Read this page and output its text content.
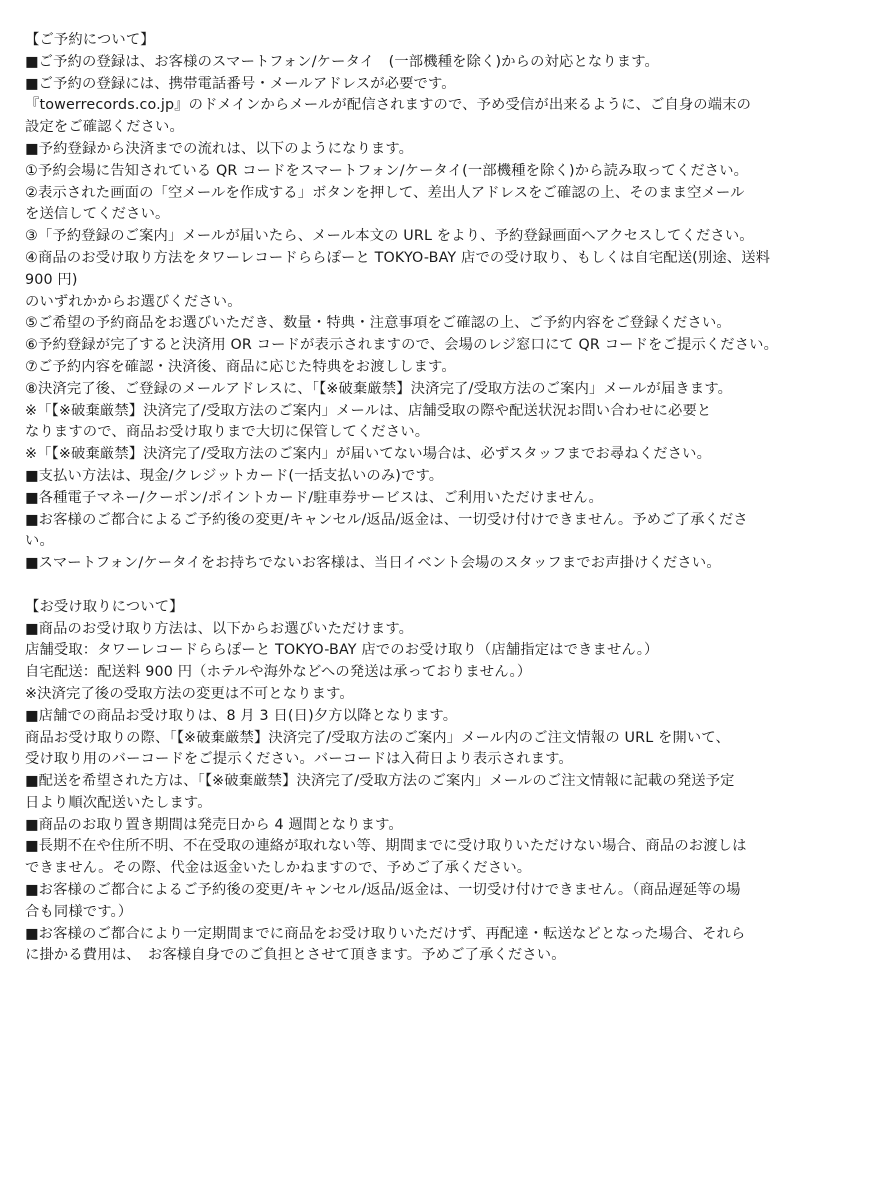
【ご予約について】
■ご予約の登録は、お客様のスマートフォン/ケータイ　(一部機種を除く)からの対応となります。
■ご予約の登録には、携帯電話番号・メールアドレスが必要です。
『towerrecords.co.jp』のドメインからメールが配信されますので、予め受信が出来るように、ご自身の端末の
設定をご確認ください。
■予約登録から決済までの流れは、以下のようになります。
①予約会場に告知されている QR コードをスマートフォン/ケータイ(一部機種を除く)から読み取ってください。
②表示された画面の「空メールを作成する」ボタンを押して、差出人アドレスをご確認の上、そのまま空メール
を送信してください。
③「予約登録のご案内」メールが届いたら、メール本文の URL をより、予約登録画面へアクセスしてください。
④商品のお受け取り方法をタワーレコードららぽーと TOKYO-BAY 店での受け取り、もしくは自宅配送(別途、送料
900 円)
のいずれかからお選びください。
⑤ご希望の予約商品をお選びいただき、数量・特典・注意事項をご確認の上、ご予約内容をご登録ください。
⑥予約登録が完了すると決済用 OR コードが表示されますので、会場のレジ窓口にて QR コードをご提示ください。
⑦ご予約内容を確認・決済後、商品に応じた特典をお渡しします。
⑧決済完了後、ご登録のメールアドレスに、「【※破棄厳禁】決済完了/受取方法のご案内」メールが届きます。
※「【※破棄厳禁】決済完了/受取方法のご案内」メールは、店舗受取の際や配送状況お問い合わせに必要と
なりますので、商品お受け取りまで大切に保管してください。
※「【※破棄厳禁】決済完了/受取方法のご案内」が届いてない場合は、必ずスタッフまでお尋ねください。
■支払い方法は、現金/クレジットカード(一括支払いのみ)です。
■各種電子マネー/クーポン/ポイントカード/駐車券サービスは、ご利用いただけません。
■お客様のご都合によるご予約後の変更/キャンセル/返品/返金は、一切受け付けできません。予めご了承くださ
い。
■スマートフォン/ケータイをお持ちでないお客様は、当日イベント会場のスタッフまでお声掛けください。
【お受け取りについて】
■商品のお受け取り方法は、以下からお選びいただけます。
店舗受取：タワーレコードららぽーと TOKYO-BAY 店でのお受け取り（店舗指定はできません。）
自宅配送：配送料 900 円（ホテルや海外などへの発送は承っておりません。）
※決済完了後の受取方法の変更は不可となります。
■店舗での商品お受け取りは、8 月 3 日(日)夕方以降となります。
商品お受け取りの際、「【※破棄厳禁】決済完了/受取方法のご案内」メール内のご注文情報の URL を開いて、
受け取り用のバーコードをご提示ください。バーコードは入荷日より表示されます。
■配送を希望された方は、「【※破棄厳禁】決済完了/受取方法のご案内」メールのご注文情報に記載の発送予定
日より順次配送いたします。
■商品のお取り置き期間は発売日から 4 週間となります。
■長期不在や住所不明、不在受取の連絡が取れない等、期間までに受け取りいただけない場合、商品のお渡しは
できません。その際、代金は返金いたしかねますので、予めご了承ください。
■お客様のご都合によるご予約後の変更/キャンセル/返品/返金は、一切受け付けできません。（商品遅延等の場
合も同様です。）
■お客様のご都合により一定期間までに商品をお受け取りいただけず、再配達・転送などとなった場合、それら
に掛かる費用は、　お客様自身でのご負担とさせて頂きます。予めご了承ください。
